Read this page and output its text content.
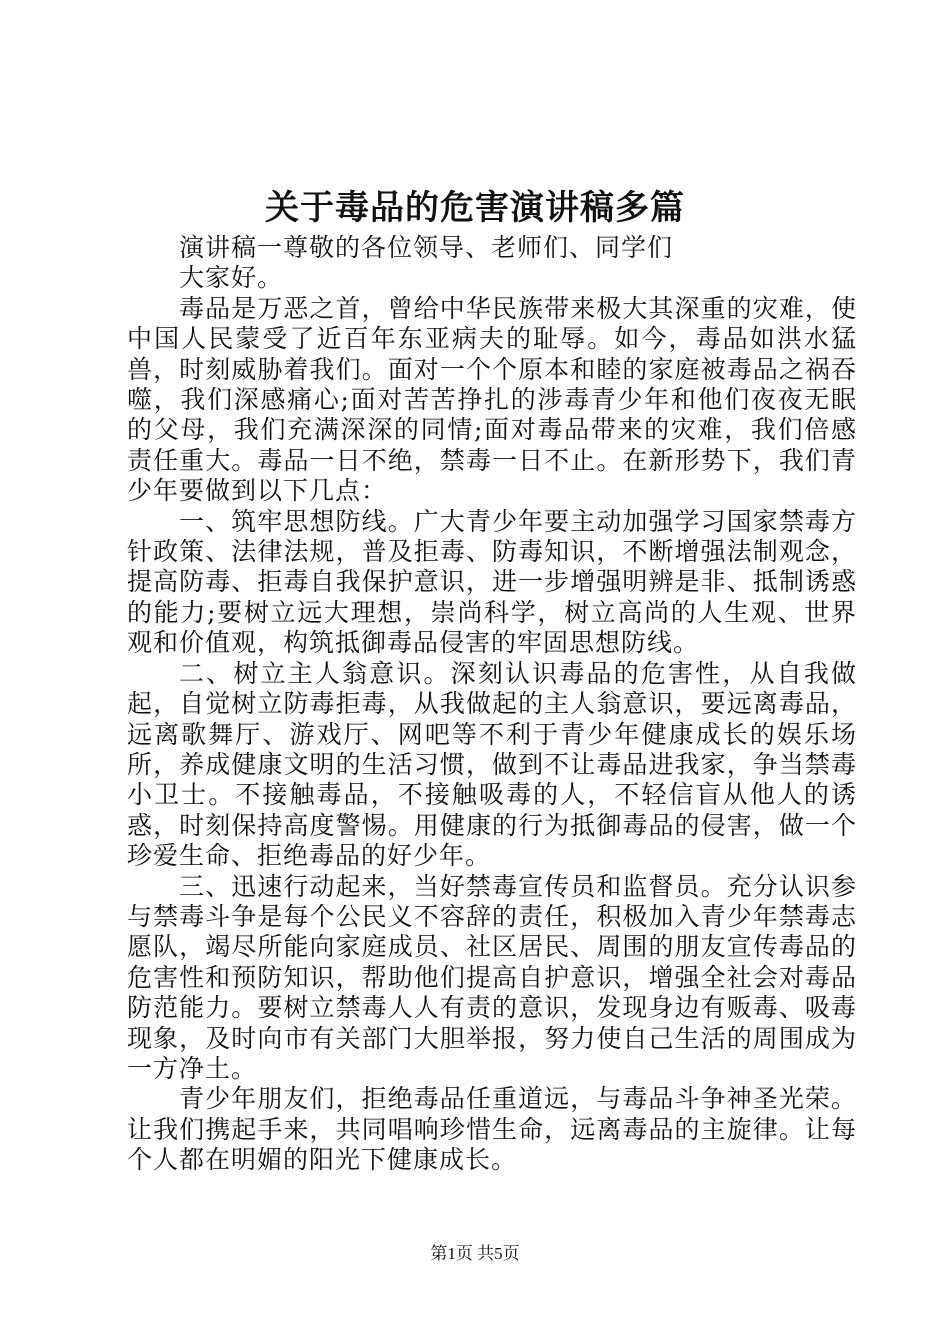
关于毒品的危害演讲稿多篇

演讲稿一尊敬的各位领导、老师们、同学们

大家好。

毒品是万恶之首，曾给中华民族带来极大其深重的灾难，使中国人民蒙受了近百年东亚病夫的耻辱。如今，毒品如洪水猛兽，时刻威胁着我们。面对一个个原本和睦的家庭被毒品之祸吞噬，我们深感痛心;面对苦苦挣扎的涉毒青少年和他们夜夜无眠的父母，我们充满深深的同情;面对毒品带来的灾难，我们倍感责任重大。毒品一日不绝，禁毒一日不止。在新形势下，我们青少年要做到以下几点：

一、筑牢思想防线。广大青少年要主动加强学习国家禁毒方针政策、法律法规，普及拒毒、防毒知识，不断增强法制观念，提高防毒、拒毒自我保护意识，进一步增强明辨是非、抵制诱惑的能力;要树立远大理想，崇尚科学，树立高尚的人生观、世界观和价值观，构筑抵御毒品侵害的牢固思想防线。

二、树立主人翁意识。深刻认识毒品的危害性，从自我做起，自觉树立防毒拒毒，从我做起的主人翁意识，要远离毒品，远离歌舞厅、游戏厅、网吧等不利于青少年健康成长的娱乐场所，养成健康文明的生活习惯，做到不让毒品进我家，争当禁毒小卫士。不接触毒品，不接触吸毒的人，不轻信盲从他人的诱惑，时刻保持高度警惕。用健康的行为抵御毒品的侵害，做一个珍爱生命、拒绝毒品的好少年。

三、迅速行动起来，当好禁毒宣传员和监督员。充分认识参与禁毒斗争是每个公民义不容辞的责任，积极加入青少年禁毒志愿队，竭尽所能向家庭成员、社区居民、周围的朋友宣传毒品的危害性和预防知识，帮助他们提高自护意识，增强全社会对毒品防范能力。要树立禁毒人人有责的意识，发现身边有贩毒、吸毒现象，及时向市有关部门大胆举报，努力使自己生活的周围成为一方净土。

青少年朋友们，拒绝毒品任重道远，与毒品斗争神圣光荣。让我们携起手来，共同唱响珍惜生命，远离毒品的主旋律。让每个人都在明媚的阳光下健康成长。

第1页 共5页
